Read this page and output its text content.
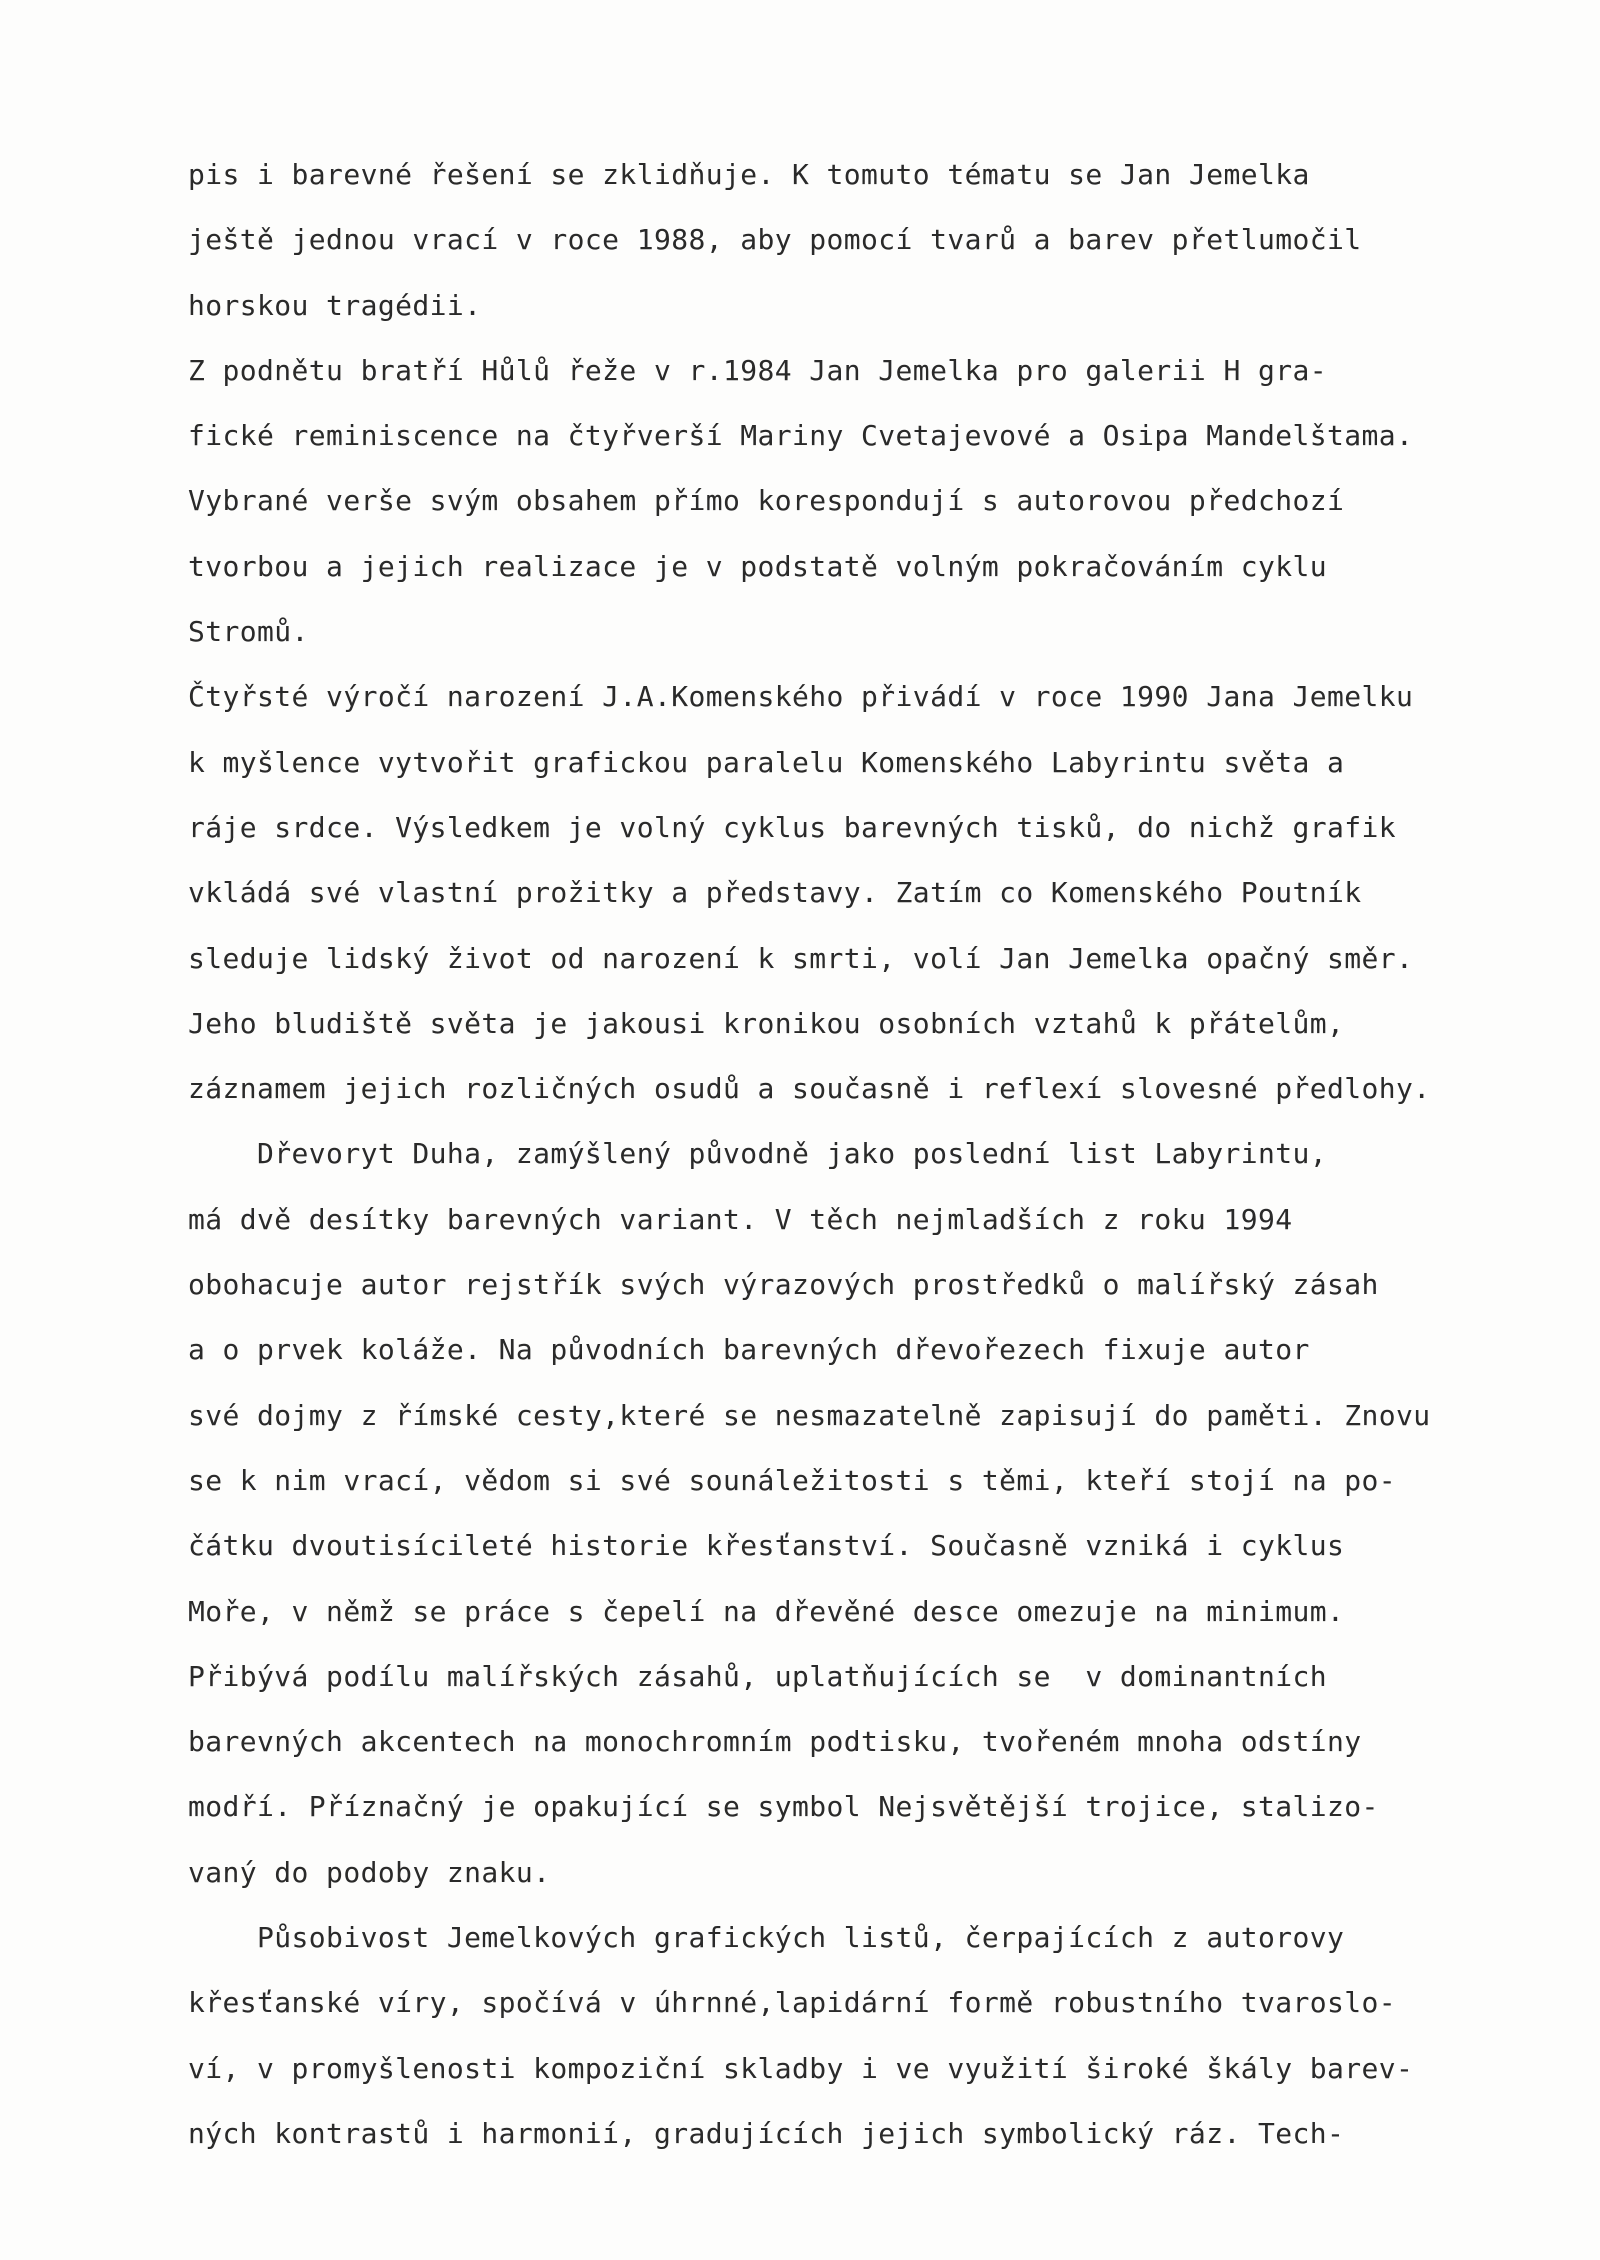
pis i barevné řešení se zklidňuje. K tomuto tématu se Jan Jemelka
ještě jednou vrací v roce 1988, aby pomocí tvarů a barev přetlumočil
horskou tragédii.
Z podnětu bratří Hůlů řeže v r.1984 Jan Jemelka pro galerii H gra-
fické reminiscence na čtyřverší Mariny Cvetajevové a Osipa Mandelštama.
Vybrané verše svým obsahem přímo korespondují s autorovou předchozí
tvorbou a jejich realizace je v podstatě volným pokračováním cyklu
Stromů.
Čtyřsté výročí narození J.A.Komenského přivádí v roce 1990 Jana Jemelku
k myšlence vytvořit grafickou paralelu Komenského Labyrintu světa a
ráje srdce. Výsledkem je volný cyklus barevných tisků, do nichž grafik
vkládá své vlastní prožitky a představy. Zatím co Komenského Poutník
sleduje lidský život od narození k smrti, volí Jan Jemelka opačný směr.
Jeho bludiště světa je jakousi kronikou osobních vztahů k přátelům,
záznamem jejich rozličných osudů a současně i reflexí slovesné předlohy.
Dřevoryt Duha, zamýšlený původně jako poslední list Labyrintu,
má dvě desítky barevných variant. V těch nejmladších z roku 1994
obohacuje autor rejstřík svých výrazových prostředků o malířský zásah
a o prvek koláže. Na původních barevných dřevořezech fixuje autor
své dojmy z římské cesty,které se nesmazatelně zapisují do paměti. Znovu
se k nim vrací, vědom si své sounáležitosti s těmi, kteří stojí na po-
čátku dvoutisícileté historie křesťanství. Současně vzniká i cyklus
Moře, v němž se práce s čepelí na dřevěné desce omezuje na minimum.
Přibývá podílu malířských zásahů, uplatňujících se  v dominantních
barevných akcentech na monochromním podtisku, tvořeném mnoha odstíny
modří. Příznačný je opakující se symbol Nejsvětější trojice, stalizo-
vaný do podoby znaku.
Působivost Jemelkových grafických listů, čerpajících z autorovy
křesťanské víry, spočívá v úhrnné,lapidární formě robustního tvaroslo-
ví, v promyšlenosti kompoziční skladby i ve využití široké škály barev-
ných kontrastů i harmonií, gradujících jejich symbolický ráz. Tech-
